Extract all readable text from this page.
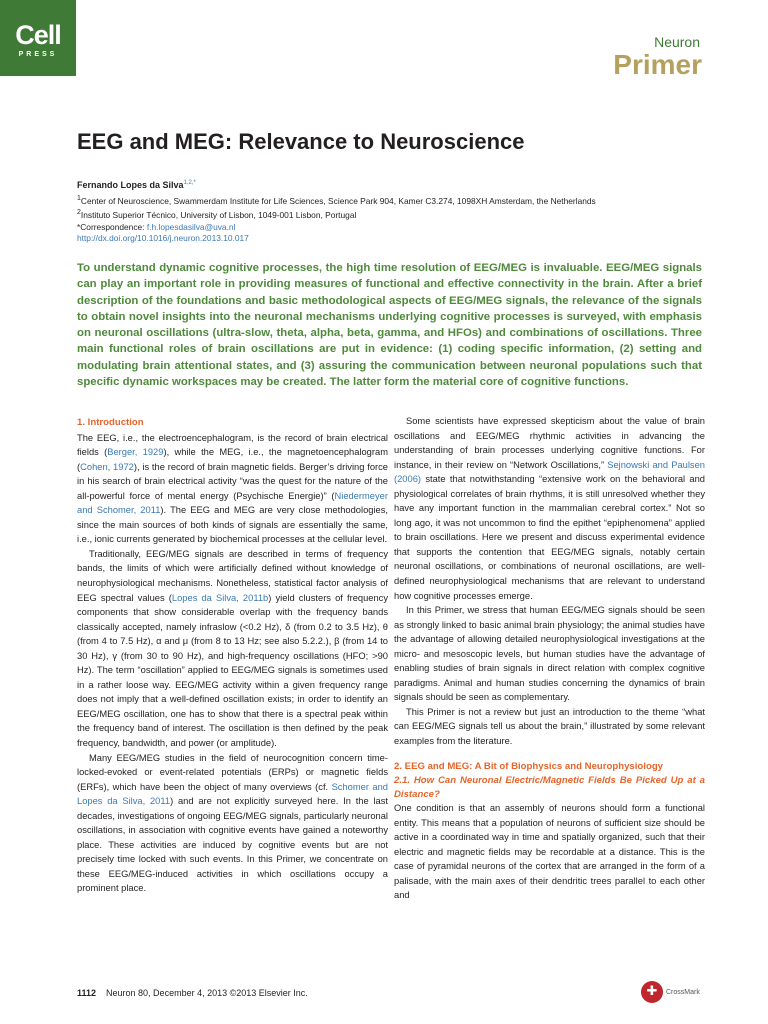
Cell
PRESS
Neuron
Primer
EEG and MEG: Relevance to Neuroscience
Fernando Lopes da Silva$^{1,2,*}$
$^1$Center of Neuroscience, Swammerdam Institute for Life Sciences, Science Park 904, Kamer C3.274, 1098XH Amsterdam, the Netherlands
$^2$Instituto Superior Técnico, University of Lisbon, 1049-001 Lisbon, Portugal
*Correspondence: f.h.lopesdasilva@uva.nl
http://dx.doi.org/10.1016/j.neuron.2013.10.017

To understand dynamic cognitive processes, the high time resolution of EEG/MEG is invaluable. EEG/MEG signals can play an important role in providing measures of functional and effective connectivity in the brain. After a brief description of the foundations and basic methodological aspects of EEG/MEG signals, the relevance of the signals to obtain novel insights into the neuronal mechanisms underlying cognitive processes is surveyed, with emphasis on neuronal oscillations (ultra-slow, theta, alpha, beta, gamma, and HFOs) and combinations of oscillations. Three main functional roles of brain oscillations are put in evidence: (1) coding specific information, (2) setting and modulating brain attentional states, and (3) assuring the communication between neuronal populations such that specific dynamic workspaces may be created. The latter form the material core of cognitive functions.

1. Introduction

The EEG, i.e., the electroencephalogram, is the record of brain electrical fields (Berger, 1929), while the MEG, i.e., the magnetoencephalogram (Cohen, 1972), is the record of brain magnetic fields. Berger’s driving force in his search of brain electrical activity “was the quest for the nature of the all-powerful force of mental energy (Psychische Energie)” (Niedermeyer and Schomer, 2011). The EEG and MEG are very close methodologies, since the main sources of both kinds of signals are essentially the same, i.e., ionic currents generated by biochemical processes at the cellular level.

Traditionally, EEG/MEG signals are described in terms of frequency bands, the limits of which were artificially defined without knowledge of neurophysiological mechanisms. Nonetheless, statistical factor analysis of EEG spectral values (Lopes da Silva, 2011b) yield clusters of frequency components that show considerable overlap with the frequency bands classically accepted, namely infraslow (<0.2 Hz), δ (from 0.2 to 3.5 Hz), θ (from 4 to 7.5 Hz), α and μ (from 8 to 13 Hz; see also 5.2.2.), β (from 14 to 30 Hz), γ (from 30 to 90 Hz), and high-frequency oscillations (HFO; >90 Hz). The term “oscillation” applied to EEG/MEG signals is sometimes used in a rather loose way. EEG/MEG activity within a given frequency range does not imply that a well-defined oscillation exists; in order to identify an EEG/MEG oscillation, one has to show that there is a spectral peak within the frequency band of interest. The oscillation is then defined by the peak frequency, bandwidth, and power (or amplitude).

Many EEG/MEG studies in the field of neurocognition concern time-locked-evoked or event-related potentials (ERPs) or magnetic fields (ERFs), which have been the object of many overviews (cf. Schomer and Lopes da Silva, 2011) and are not explicitly surveyed here. In the last decades, investigations of ongoing EEG/MEG signals, particularly neuronal oscillations, in association with cognitive events have gained a noteworthy place. These activities are induced by cognitive events but are not precisely time locked with such events. In this Primer, we concentrate on these EEG/MEG-induced activities in which oscillations occupy a prominent place.

Some scientists have expressed skepticism about the value of brain oscillations and EEG/MEG rhythmic activities in advancing the understanding of brain processes underlying cognitive functions. For instance, in their review on “Network Oscillations,” Sejnowski and Paulsen (2006) state that notwithstanding “extensive work on the behavioral and physiological correlates of brain rhythms, it is still unresolved whether they have any important function in the mammalian cerebral cortex.” Not so long ago, it was not uncommon to find the epithet “epiphenomena” applied to brain oscillations. Here we present and discuss experimental evidence that supports the contention that EEG/MEG signals, notably certain neuronal oscillations, or combinations of neuronal oscillations, are well-defined neurophysiological mechanisms that are relevant to understand how cognitive processes emerge.

In this Primer, we stress that human EEG/MEG signals should be seen as strongly linked to basic animal brain physiology; the animal studies have the advantage of allowing detailed neurophysiological investigations at the micro- and mesoscopic levels, but human studies have the advantage of enabling studies of brain signals in direct relation with complex cognitive paradigms. Animal and human studies concerning the dynamics of brain signals should be seen as complementary.

This Primer is not a review but just an introduction to the theme “what can EEG/MEG signals tell us about the brain,” illustrated by some relevant examples from the literature.

2. EEG and MEG: A Bit of Biophysics and Neurophysiology

2.1. How Can Neuronal Electric/Magnetic Fields Be Picked Up at a Distance?

One condition is that an assembly of neurons should form a functional entity. This means that a population of neurons of sufficient size should be active in a coordinated way in time and spatially organized, such that their electric and magnetic fields may be recordable at a distance. This is the case of pyramidal neurons of the cortex that are arranged in the form of a palisade, with the main axes of their dendritic trees parallel to each other and

1112 Neuron 80, December 4, 2013 ©2013 Elsevier Inc.	✚	CrossMark
